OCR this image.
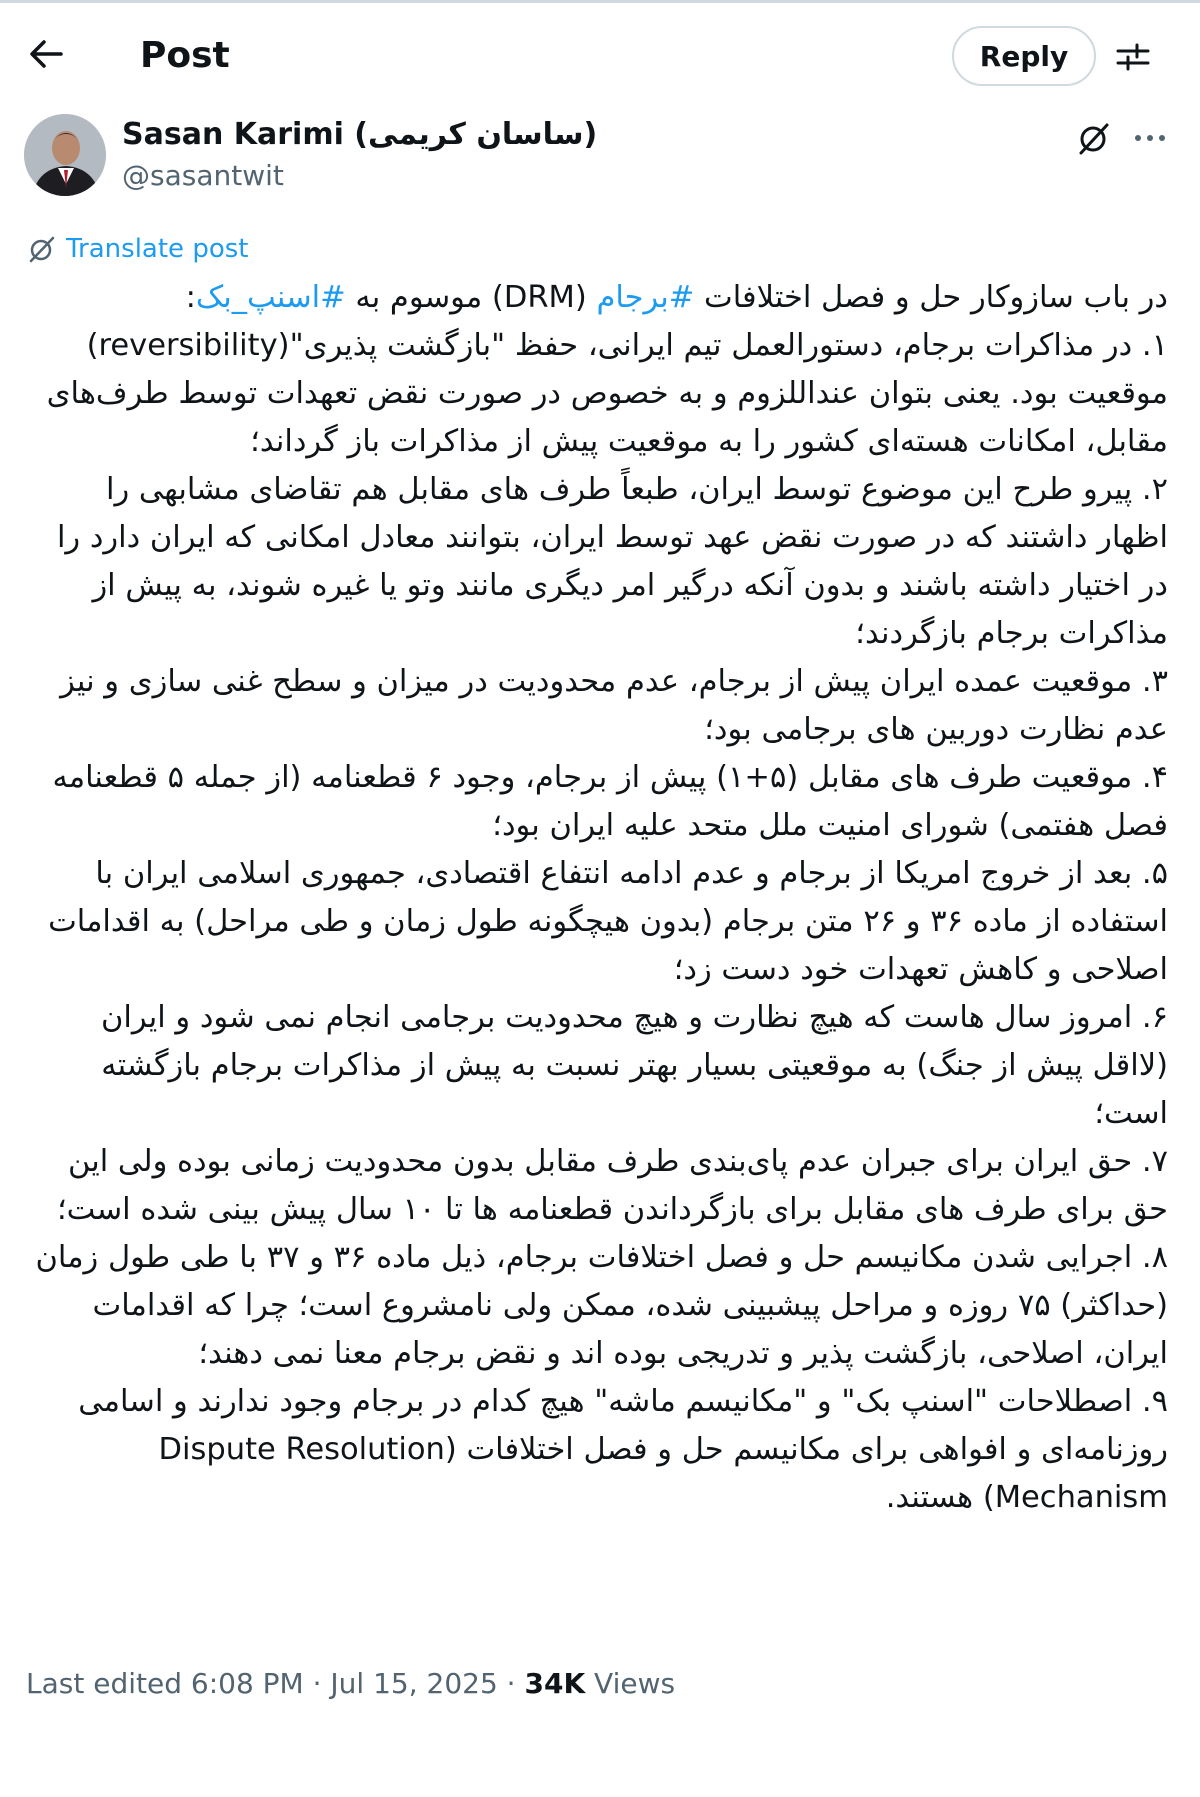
Post	Reply
Sasan Karimi (ساسان کریمی)
@sasantwit
Translate post

در باب سازوکار حل و فصل اختلافات #برجام (DRM) موسوم به #اسنپ_بک:

۱. در مذاکرات برجام، دستورالعمل تیم ایرانی، حفظ "بازگشت پذیری"(reversibility) موقعیت بود. یعنی بتوان عنداللزوم و به خصوص در صورت نقض تعهدات توسط طرف‌های مقابل، امکانات هسته‌ای کشور را به موقعیت پیش از مذاکرات باز گرداند؛

۲. پیرو طرح این موضوع توسط ایران، طبعاً طرف های مقابل هم تقاضای مشابهی را اظهار داشتند که در صورت نقض عهد توسط ایران، بتوانند معادل امکانی که ایران دارد را در اختیار داشته باشند و بدون آنکه درگیر امر دیگری مانند وتو یا غیره شوند، به پیش از مذاکرات برجام بازگردند؛

۳. موقعیت عمده ایران پیش از برجام، عدم محدودیت در میزان و سطح غنی سازی و نیز عدم نظارت دوربین های برجامی بود؛

۴. موقعیت طرف های مقابل (۵+۱) پیش از برجام، وجود ۶ قطعنامه (از جمله ۵ قطعنامه فصل هفتمی) شورای امنیت ملل متحد علیه ایران بود؛

۵. بعد از خروج امریکا از برجام و عدم ادامه انتفاع اقتصادی، جمهوری اسلامی ایران با استفاده از ماده ۳۶ و ۲۶ متن برجام (بدون هیچگونه طول زمان و طی مراحل) به اقدامات اصلاحی و کاهش تعهدات خود دست زد؛

۶. امروز سال هاست که هیچ نظارت و هیچ محدودیت برجامی انجام نمی شود و ایران (لااقل پیش از جنگ) به موقعیتی بسیار بهتر نسبت به پیش از مذاکرات برجام بازگشته است؛

۷. حق ایران برای جبران عدم پای‌بندی طرف مقابل بدون محدودیت زمانی بوده ولی این حق برای طرف های مقابل برای بازگرداندن قطعنامه ها تا ۱۰ سال پیش بینی شده است؛

۸. اجرایی شدن مکانیسم حل و فصل اختلافات برجام، ذیل ماده ۳۶ و ۳۷ با طی طول زمان (حداکثر) ۷۵ روزه و مراحل پیشبینی شده، ممکن ولی نامشروع است؛ چرا که اقدامات ایران، اصلاحی، بازگشت پذیر و تدریجی بوده اند و نقض برجام معنا نمی دهند؛

۹. اصطلاحات "اسنپ بک" و "مکانیسم ماشه" هیچ کدام در برجام وجود ندارند و اسامی روزنامه‌ای و افواهی برای مکانیسم حل و فصل اختلافات (Dispute Resolution Mechanism) هستند.

Last edited 6:08 PM · Jul 15, 2025 · 34K Views
